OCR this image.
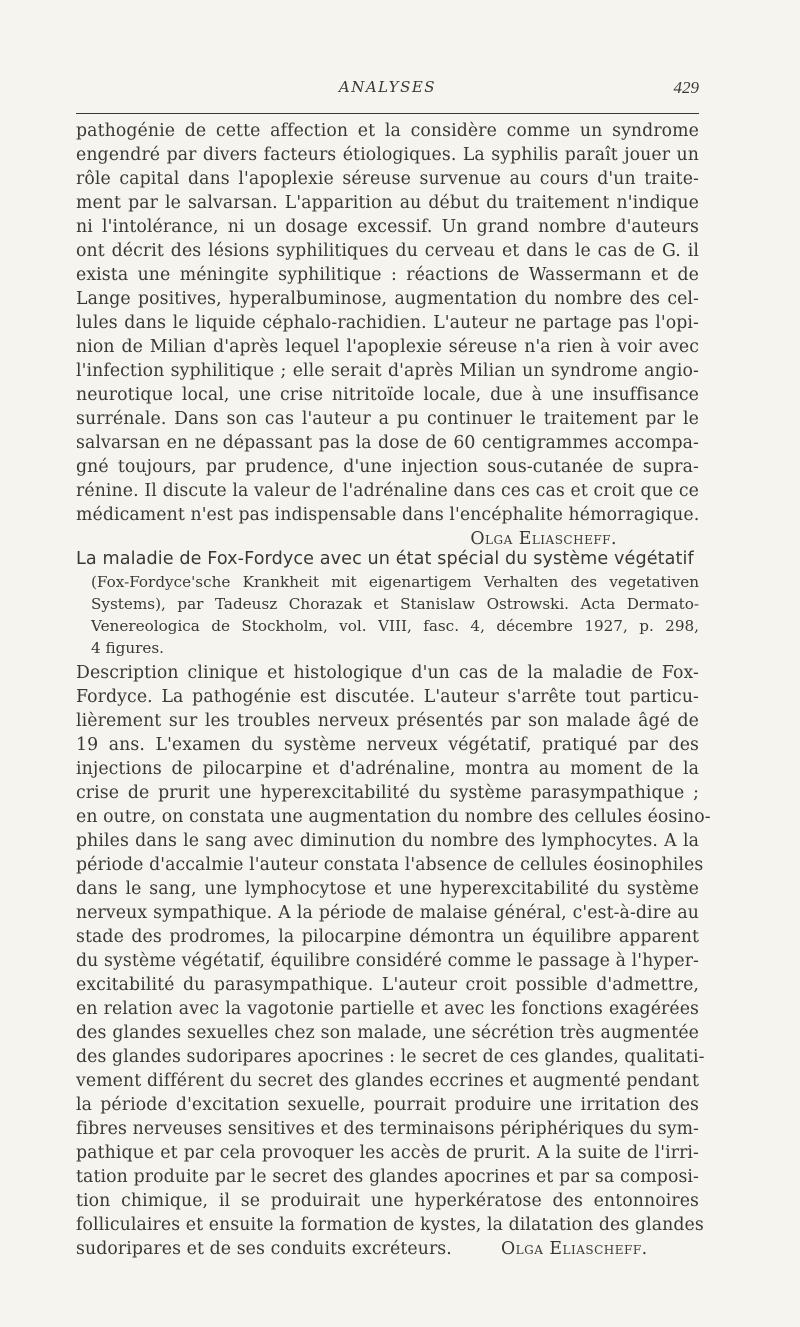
ANALYSES	429
pathogénie de cette affection et la considère comme un syndrome
engendré par divers facteurs étiologiques. La syphilis paraît jouer un
rôle capital dans l'apoplexie séreuse survenue au cours d'un traite-
ment par le salvarsan. L'apparition au début du traitement n'indique
ni l'intolérance, ni un dosage excessif. Un grand nombre d'auteurs
ont décrit des lésions syphilitiques du cerveau et dans le cas de G. il
exista une méningite syphilitique : réactions de Wassermann et de
Lange positives, hyperalbuminose, augmentation du nombre des cel-
lules dans le liquide céphalo-rachidien. L'auteur ne partage pas l'opi-
nion de Milian d'après lequel l'apoplexie séreuse n'a rien à voir avec
l'infection syphilitique ; elle serait d'après Milian un syndrome angio-
neurotique local, une crise nitritoïde locale, due à une insuffisance
surrénale. Dans son cas l'auteur a pu continuer le traitement par le
salvarsan en ne dépassant pas la dose de 60 centigrammes accompa-
gné toujours, par prudence, d'une injection sous-cutanée de supra-
rénine. Il discute la valeur de l'adrénaline dans ces cas et croit que ce
médicament n'est pas indispensable dans l'encéphalite hémorragique.
Olga Eliascheff.
La maladie de Fox-Fordyce avec un état spécial du système végétatif
(Fox-Fordyce'sche Krankheit mit eigenartigem Verhalten des vegetativen
Systems), par Tadeusz Chorazak et Stanislaw Ostrowski. Acta Dermato-
Venereologica de Stockholm, vol. VIII, fasc. 4, décembre 1927, p. 298,
4 figures.
Description clinique et histologique d'un cas de la maladie de Fox-
Fordyce. La pathogénie est discutée. L'auteur s'arrête tout particu-
lièrement sur les troubles nerveux présentés par son malade âgé de
19 ans. L'examen du système nerveux végétatif, pratiqué par des
injections de pilocarpine et d'adrénaline, montra au moment de la
crise de prurit une hyperexcitabilité du système parasympathique ;
en outre, on constata une augmentation du nombre des cellules éosino-
philes dans le sang avec diminution du nombre des lymphocytes. A la
période d'accalmie l'auteur constata l'absence de cellules éosinophiles
dans le sang, une lymphocytose et une hyperexcitabilité du système
nerveux sympathique. A la période de malaise général, c'est-à-dire au
stade des prodromes, la pilocarpine démontra un équilibre apparent
du système végétatif, équilibre considéré comme le passage à l'hyper-
excitabilité du parasympathique. L'auteur croit possible d'admettre,
en relation avec la vagotonie partielle et avec les fonctions exagérées
des glandes sexuelles chez son malade, une sécrétion très augmentée
des glandes sudoripares apocrines : le secret de ces glandes, qualitati-
vement différent du secret des glandes eccrines et augmenté pendant
la période d'excitation sexuelle, pourrait produire une irritation des
fibres nerveuses sensitives et des terminaisons périphériques du sym-
pathique et par cela provoquer les accès de prurit. A la suite de l'irri-
tation produite par le secret des glandes apocrines et par sa composi-
tion chimique, il se produirait une hyperkératose des entonnoires
folliculaires et ensuite la formation de kystes, la dilatation des glandes
sudoripares et de ses conduits excréteurs.	Olga Eliascheff.
